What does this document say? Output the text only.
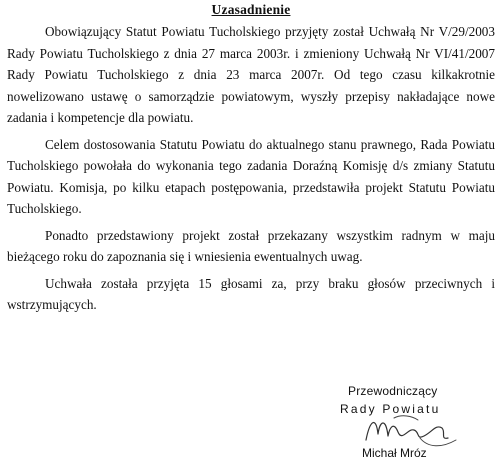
Uzasadnienie

Obowiązujący Statut Powiatu Tucholskiego przyjęty został Uchwałą Nr V/29/2003 Rady Powiatu Tucholskiego z dnia 27 marca 2003r. i zmieniony Uchwałą Nr VI/41/2007 Rady Powiatu Tucholskiego z dnia 23 marca 2007r. Od tego czasu kilkakrotnie nowelizowano ustawę o samorządzie powiatowym, wyszły przepisy nakładające nowe zadania i kompetencje dla powiatu.

Celem dostosowania Statutu Powiatu do aktualnego stanu prawnego, Rada Powiatu Tucholskiego powołała do wykonania tego zadania Doraźną Komisję d/s zmiany Statutu Powiatu. Komisja, po kilku etapach postępowania, przedstawiła projekt Statutu Powiatu Tucholskiego.

Ponadto przedstawiony projekt został przekazany wszystkim radnym w maju bieżącego roku do zapoznania się i wniesienia ewentualnych uwag.

Uchwała została przyjęta 15 głosami za, przy braku głosów przeciwnych i wstrzymujących.

Przewodniczący
Rady Powiatu
Michał Mróz
